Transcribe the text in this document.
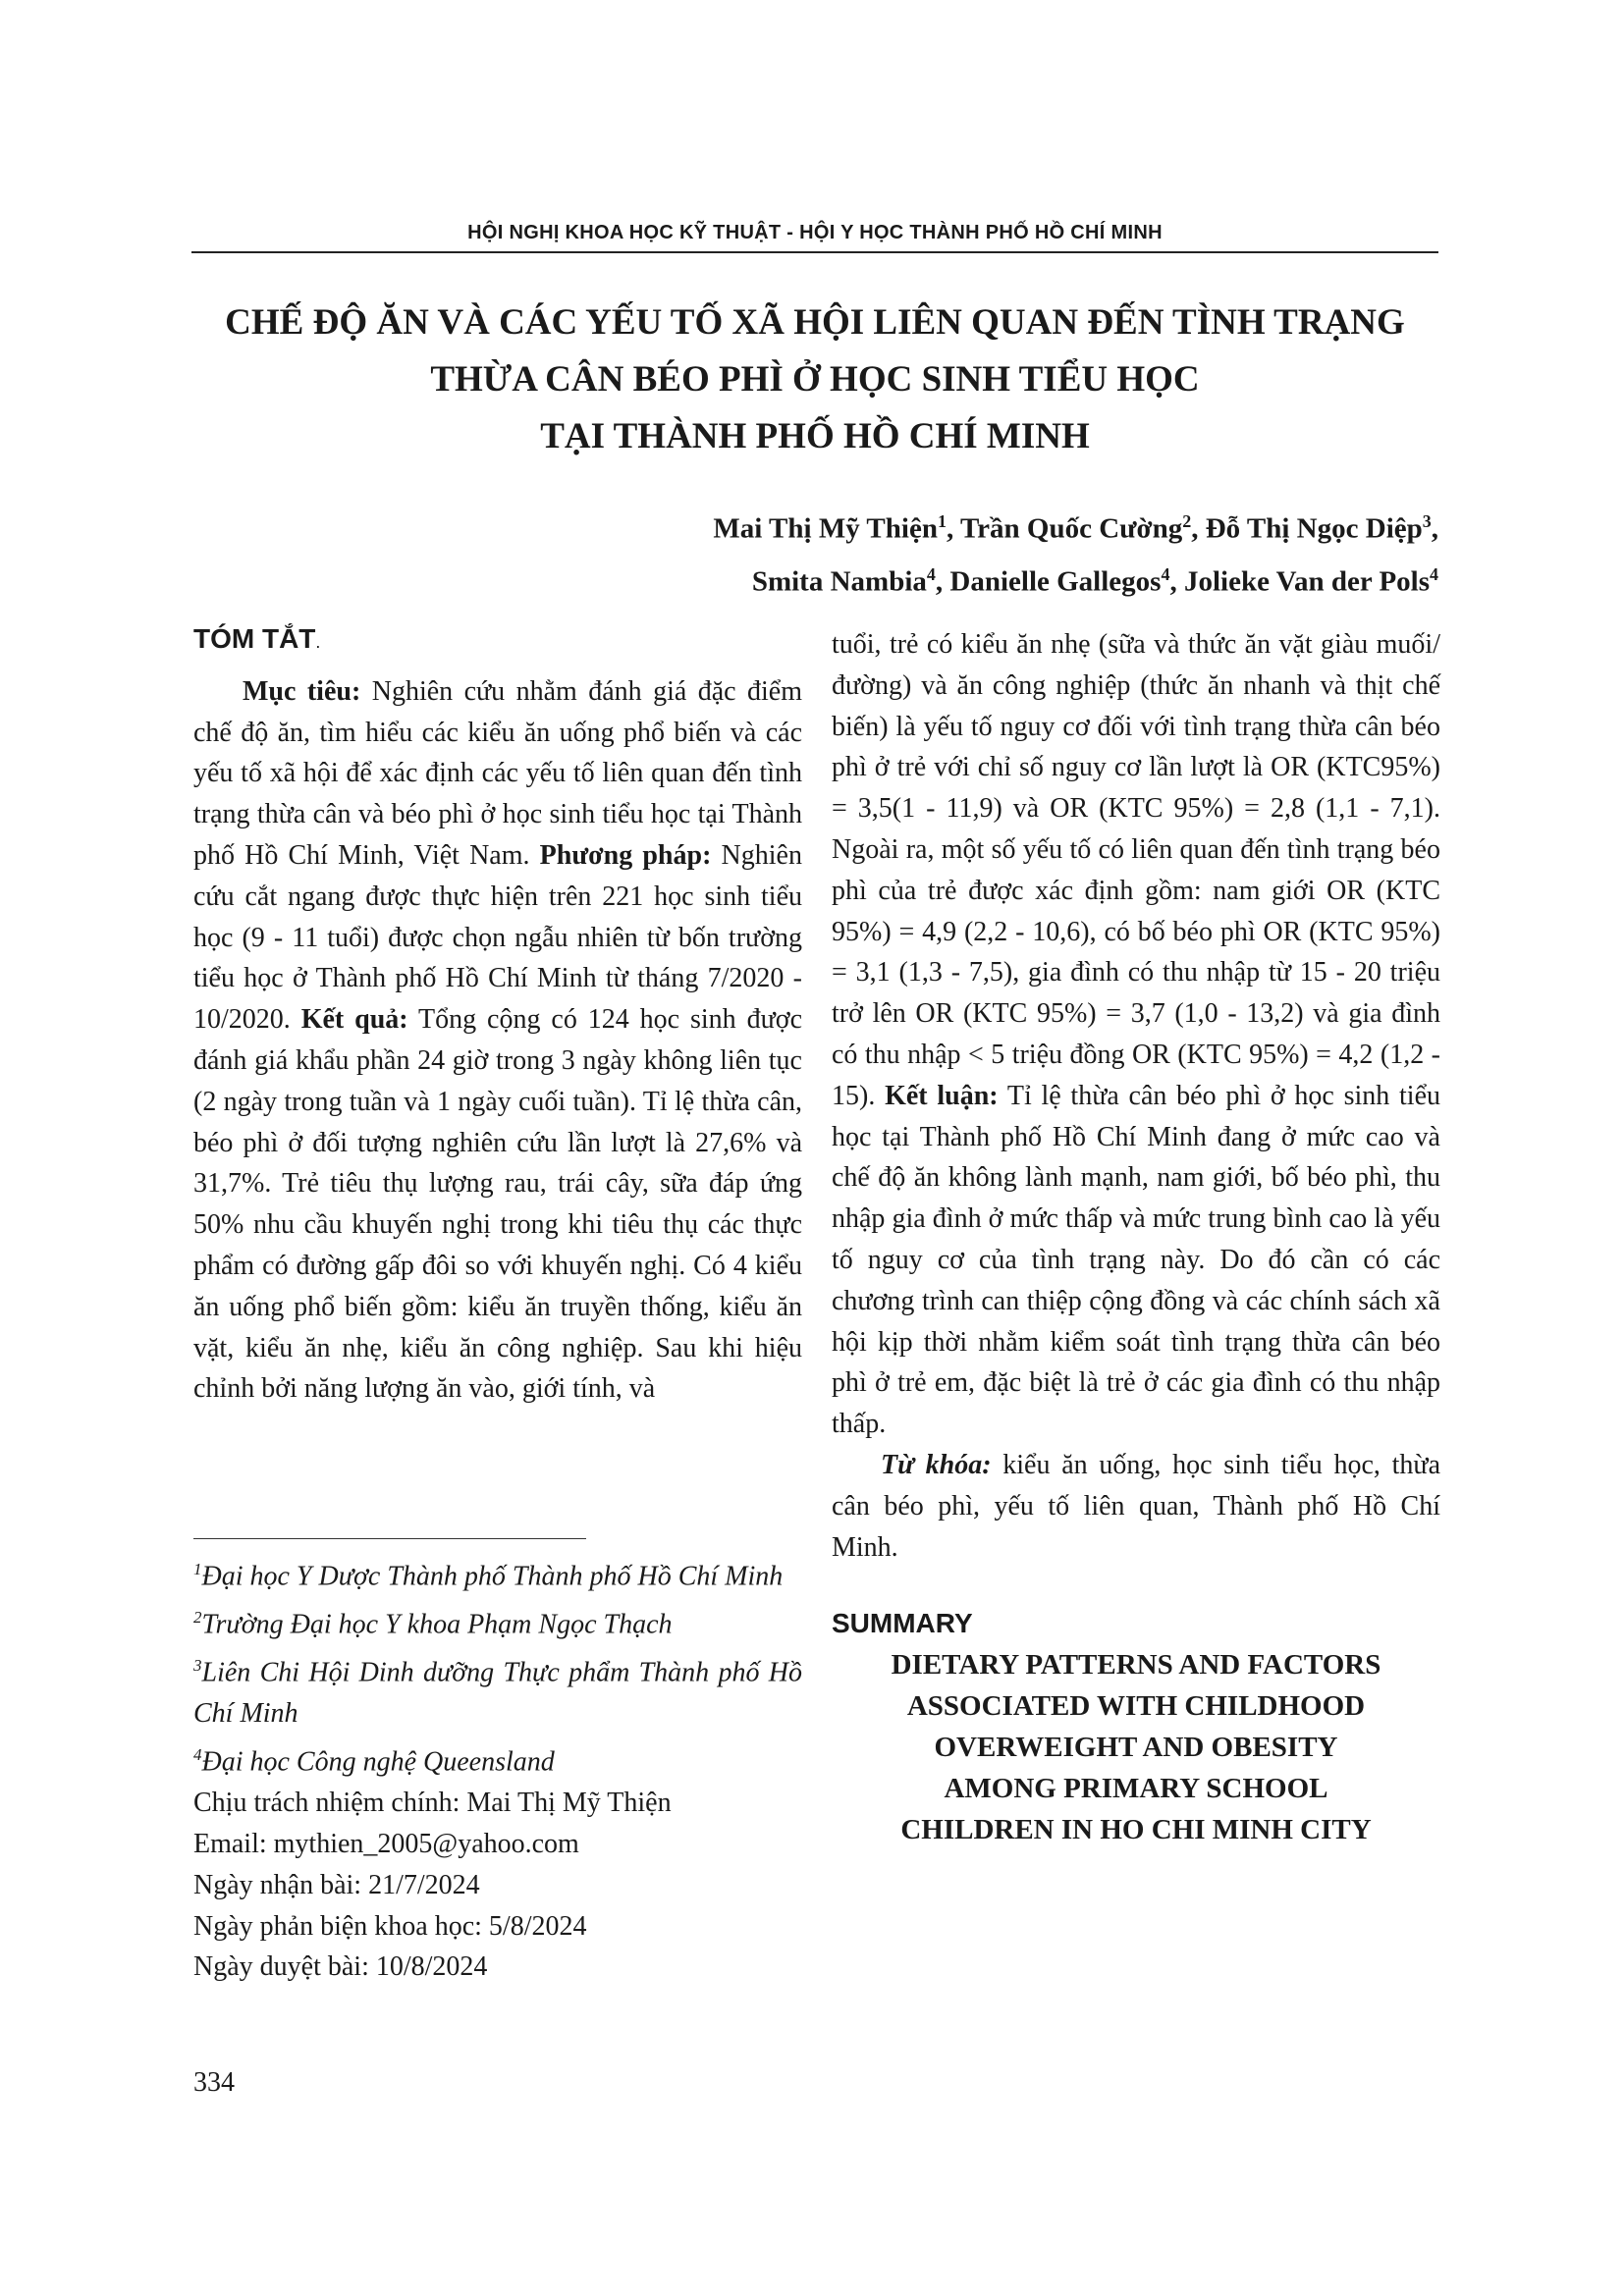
HỘI NGHỊ KHOA HỌC KỸ THUẬT - HỘI Y HỌC THÀNH PHỐ HỒ CHÍ MINH
CHẾ ĐỘ ĂN VÀ CÁC YẾU TỐ XÃ HỘI LIÊN QUAN ĐẾN TÌNH TRẠNG
THỪA CÂN BÉO PHÌ Ở HỌC SINH TIỂU HỌC
TẠI THÀNH PHỐ HỒ CHÍ MINH
Mai Thị Mỹ Thiện$^1$, Trần Quốc Cường$^2$, Đỗ Thị Ngọc Diệp$^3$,
Smita Nambia$^4$, Danielle Gallegos$^4$, Jolieke Van der Pols$^4$

TÓM TẮT.

Mục tiêu: Nghiên cứu nhằm đánh giá đặc điểm chế độ ăn, tìm hiểu các kiểu ăn uống phổ biến và các yếu tố xã hội để xác định các yếu tố liên quan đến tình trạng thừa cân và béo phì ở học sinh tiểu học tại Thành phố Hồ Chí Minh, Việt Nam. Phương pháp: Nghiên cứu cắt ngang được thực hiện trên 221 học sinh tiểu học (9 - 11 tuổi) được chọn ngẫu nhiên từ bốn trường tiểu học ở Thành phố Hồ Chí Minh từ tháng 7/2020 - 10/2020. Kết quả: Tổng cộng có 124 học sinh được đánh giá khẩu phần 24 giờ trong 3 ngày không liên tục (2 ngày trong tuần và 1 ngày cuối tuần). Tỉ lệ thừa cân, béo phì ở đối tượng nghiên cứu lần lượt là 27,6% và 31,7%. Trẻ tiêu thụ lượng rau, trái cây, sữa đáp ứng 50% nhu cầu khuyến nghị trong khi tiêu thụ các thực phẩm có đường gấp đôi so với khuyến nghị. Có 4 kiểu ăn uống phổ biến gồm: kiểu ăn truyền thống, kiểu ăn vặt, kiểu ăn nhẹ, kiểu ăn công nghiệp. Sau khi hiệu chỉnh bởi năng lượng ăn vào, giới tính, và

$^1$Đại học Y Dược Thành phố Thành phố Hồ Chí Minh

$^2$Trường Đại học Y khoa Phạm Ngọc Thạch

$^3$Liên Chi Hội Dinh dưỡng Thực phẩm Thành phố Hồ Chí Minh

$^4$Đại học Công nghệ Queensland

Chịu trách nhiệm chính: Mai Thị Mỹ Thiện

Email: mythien_2005@yahoo.com

Ngày nhận bài: 21/7/2024

Ngày phản biện khoa học: 5/8/2024

Ngày duyệt bài: 10/8/2024

tuổi, trẻ có kiểu ăn nhẹ (sữa và thức ăn vặt giàu muối/đường) và ăn công nghiệp (thức ăn nhanh và thịt chế biến) là yếu tố nguy cơ đối với tình trạng thừa cân béo phì ở trẻ với chỉ số nguy cơ lần lượt là OR (KTC95%) = 3,5(1 - 11,9) và OR (KTC 95%) = 2,8 (1,1 - 7,1). Ngoài ra, một số yếu tố có liên quan đến tình trạng béo phì của trẻ được xác định gồm: nam giới OR (KTC 95%) = 4,9 (2,2 - 10,6), có bố béo phì OR (KTC 95%) = 3,1 (1,3 - 7,5), gia đình có thu nhập từ 15 - 20 triệu trở lên OR (KTC 95%) = 3,7 (1,0 - 13,2) và gia đình có thu nhập < 5 triệu đồng OR (KTC 95%) = 4,2 (1,2 - 15). Kết luận: Tỉ lệ thừa cân béo phì ở học sinh tiểu học tại Thành phố Hồ Chí Minh đang ở mức cao và chế độ ăn không lành mạnh, nam giới, bố béo phì, thu nhập gia đình ở mức thấp và mức trung bình cao là yếu tố nguy cơ của tình trạng này. Do đó cần có các chương trình can thiệp cộng đồng và các chính sách xã hội kịp thời nhằm kiểm soát tình trạng thừa cân béo phì ở trẻ em, đặc biệt là trẻ ở các gia đình có thu nhập thấp.

Từ khóa: kiểu ăn uống, học sinh tiểu học, thừa cân béo phì, yếu tố liên quan, Thành phố Hồ Chí Minh.

SUMMARY

DIETARY PATTERNS AND FACTORS

ASSOCIATED WITH CHILDHOOD

OVERWEIGHT AND OBESITY

AMONG PRIMARY SCHOOL

CHILDREN IN HO CHI MINH CITY

334
